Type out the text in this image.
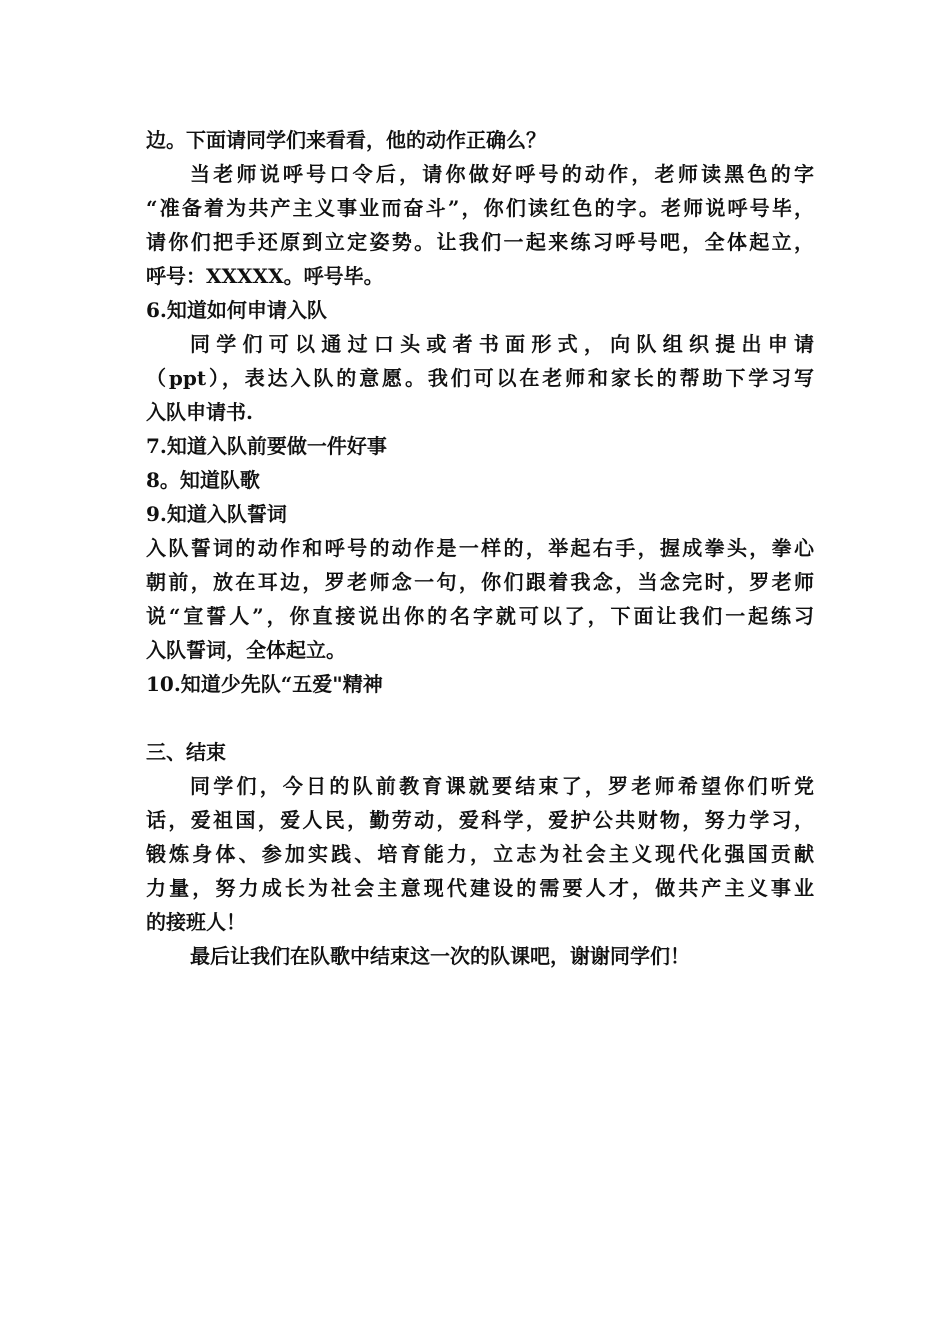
边。下面请同学们来看看，他的动作正确么？
当老师说呼号口令后，请你做好呼号的动作，老师读黑色的字
“准备着为共产主义事业而奋斗”，你们读红色的字。老师说呼号毕，
请你们把手还原到立定姿势。让我们一起来练习呼号吧，全体起立，
呼号：XXXXX。呼号毕。
6.知道如何申请入队
同学们可以通过口头或者书面形式，向队组织提出申请
（ppt），表达入队的意愿。我们可以在老师和家长的帮助下学习写
入队申请书.
7.知道入队前要做一件好事
8。知道队歌
9.知道入队誓词
入队誓词的动作和呼号的动作是一样的，举起右手，握成拳头，拳心
朝前，放在耳边，罗老师念一句，你们跟着我念，当念完时，罗老师
说“宣誓人”，你直接说出你的名字就可以了，下面让我们一起练习
入队誓词，全体起立。
10.知道少先队“五爱"精神
三、结束
同学们，今日的队前教育课就要结束了，罗老师希望你们听党
话，爱祖国，爱人民，勤劳动，爱科学，爱护公共财物，努力学习，
锻炼身体、参加实践、培育能力，立志为社会主义现代化强国贡献
力量，努力成长为社会主意现代建设的需要人才，做共产主义事业
的接班人！
最后让我们在队歌中结束这一次的队课吧，谢谢同学们！
